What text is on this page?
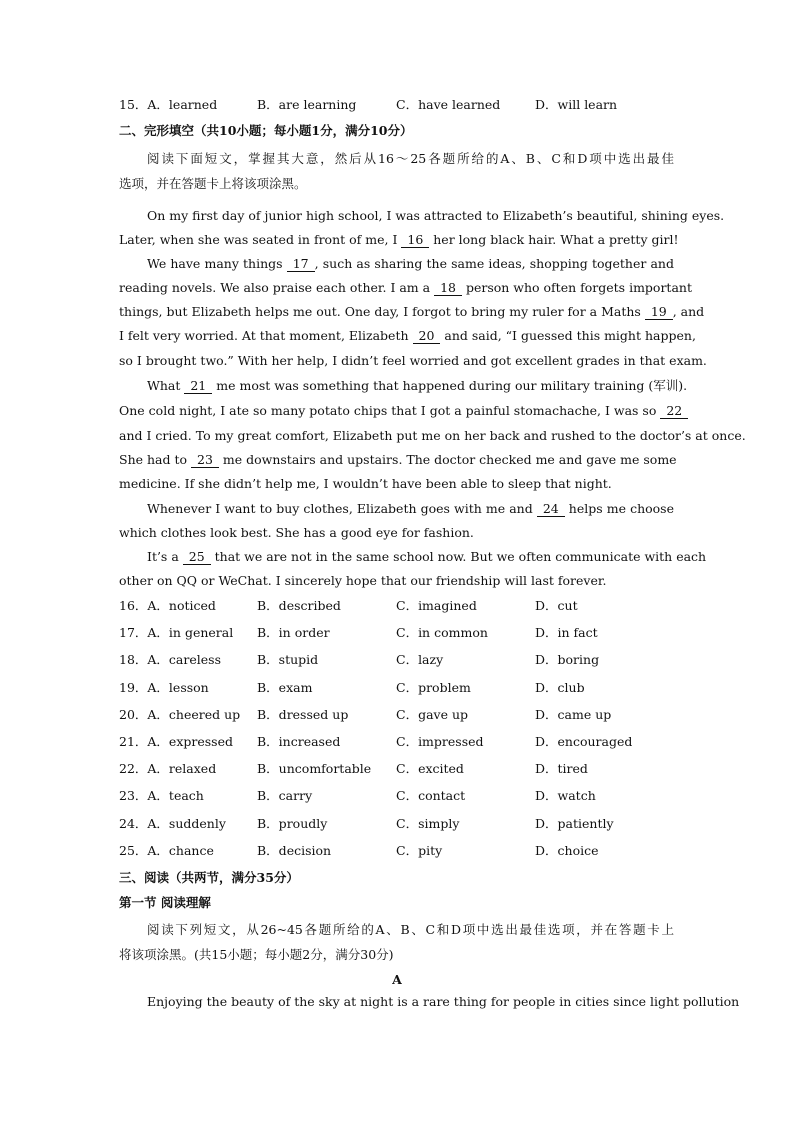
15．A．learned	B．are learning	C．have learned	D．will learn
二、完形填空（共10小题；每小题1分，满分10分）
阅读下面短文，掌握其大意，然后从16～25各题所给的A、B、C和D项中选出最佳
选项，并在答题卡上将该项涂黑。
On my first day of junior high school, I was attracted to Elizabeth’s beautiful, shining eyes.
Later, when she was seated in front of me, I 16 her long black hair. What a pretty girl!
We have many things 17 , such as sharing the same ideas, shopping together and
reading novels. We also praise each other. I am a 18 person who often forgets important
things, but Elizabeth helps me out. One day, I forgot to bring my ruler for a Maths 19 , and
I felt very worried. At that moment, Elizabeth 20 and said, “I guessed this might happen,
so I brought two.” With her help, I didn’t feel worried and got excellent grades in that exam.
What 21 me most was something that happened during our military training (军训).
One cold night, I ate so many potato chips that I got a painful stomachache, I was so 22
and I cried. To my great comfort, Elizabeth put me on her back and rushed to the doctor’s at once.
She had to 23 me downstairs and upstairs. The doctor checked me and gave me some
medicine. If she didn’t help me, I wouldn’t have been able to sleep that night.
Whenever I want to buy clothes, Elizabeth goes with me and 24 helps me choose
which clothes look best. She has a good eye for fashion.
It’s a 25 that we are not in the same school now. But we often communicate with each
other on QQ or WeChat. I sincerely hope that our friendship will last forever.
16．A．noticed	B．described	C．imagined	D．cut
17．A．in general B．in order	C．in common	D．in fact
18．A．careless	B．stupid	C．lazy	D．boring
19．A．lesson	B．exam	C．problem	D．club
20．A．cheered up B．dressed up	C．gave up	D．came up
21．A．expressed B．increased	C．impressed	D．encouraged
22．A．relaxed	B．uncomfortable C．excited	D．tired
23．A．teach	B．carry	C．contact	D．watch
24．A．suddenly B．proudly	C．simply	D．patiently
25．A．chance	B．decision	C．pity	D．choice
三、阅读（共两节，满分35分）
第一节 阅读理解
阅读下列短文，从26~45各题所给的A、B、C和D项中选出最佳选项，并在答题卡上
将该项涂黑。(共15小题；每小题2分，满分30分)
A
Enjoying the beauty of the sky at night is a rare thing for people in cities since light pollution
